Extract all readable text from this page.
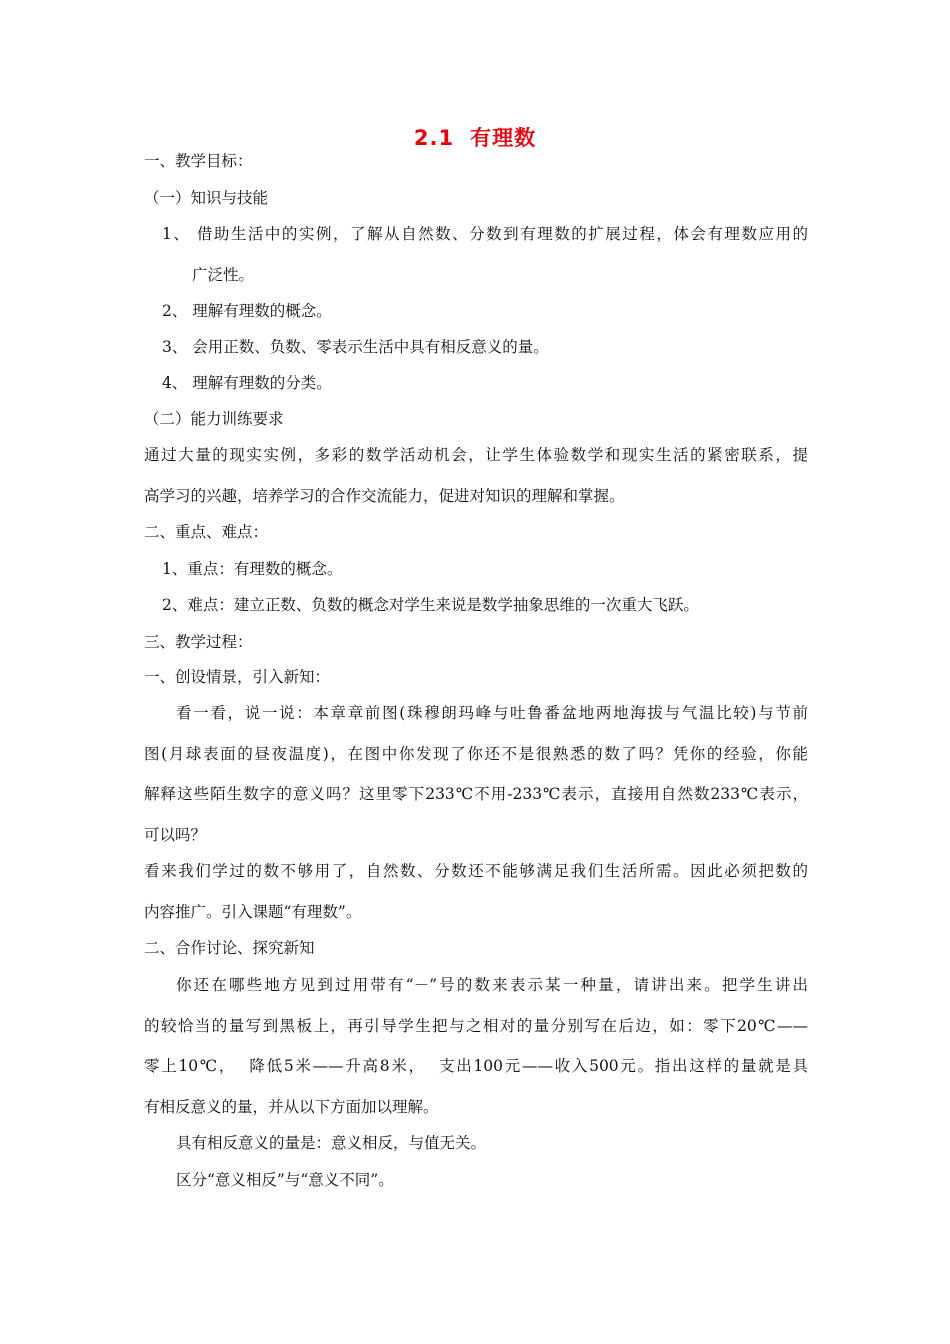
2.1 有理数
一、教学目标：
（一）知识与技能
1、 借助生活中的实例，了解从自然数、分数到有理数的扩展过程，体会有理数应用的
广泛性。
2、 理解有理数的概念。
3、 会用正数、负数、零表示生活中具有相反意义的量。
4、 理解有理数的分类。
（二）能力训练要求
通过大量的现实实例，多彩的数学活动机会，让学生体验数学和现实生活的紧密联系，提
高学习的兴趣，培养学习的合作交流能力，促进对知识的理解和掌握。
二、重点、难点：
1、重点：有理数的概念。
2、难点：建立正数、负数的概念对学生来说是数学抽象思维的一次重大飞跃。
三、教学过程：
一、创设情景，引入新知：
看一看，说一说：本章章前图(珠穆朗玛峰与吐鲁番盆地两地海拔与气温比较)与节前
图(月球表面的昼夜温度)，在图中你发现了你还不是很熟悉的数了吗？凭你的经验，你能
解释这些陌生数字的意义吗？这里零下233℃不用-233℃表示，直接用自然数233℃表示，
可以吗？
看来我们学过的数不够用了，自然数、分数还不能够满足我们生活所需。因此必须把数的
内容推广。引入课题“有理数”。
二、合作讨论、探究新知
你还在哪些地方见到过用带有“－”号的数来表示某一种量，请讲出来。把学生讲出
的较恰当的量写到黑板上，再引导学生把与之相对的量分别写在后边，如：零下20℃——
零上10℃，  降低5米——升高8米，  支出100元——收入500元。指出这样的量就是具
有相反意义的量，并从以下方面加以理解。
具有相反意义的量是：意义相反，与值无关。
区分“意义相反”与“意义不同”。
